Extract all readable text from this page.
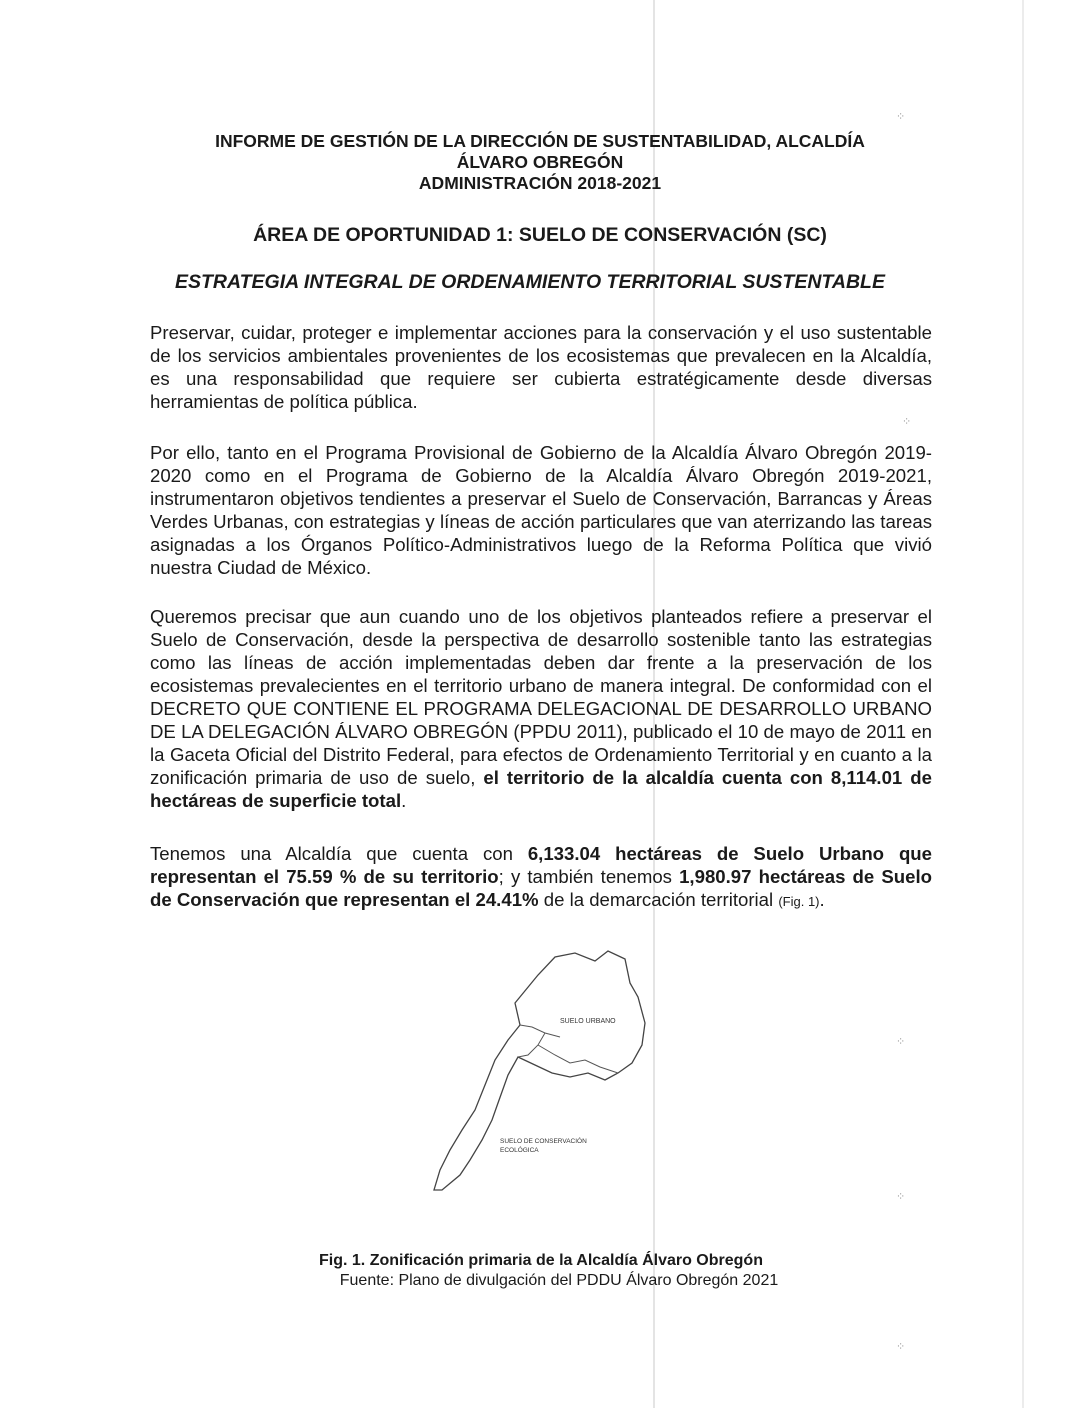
⁘
⁘
⁘
⁘
⁘
INFORME DE GESTIÓN DE LA DIRECCIÓN DE SUSTENTABILIDAD, ALCALDÍA
ÁLVARO OBREGÓN
ADMINISTRACIÓN 2018-2021
ÁREA DE OPORTUNIDAD 1: SUELO DE CONSERVACIÓN (SC)
ESTRATEGIA INTEGRAL DE ORDENAMIENTO TERRITORIAL SUSTENTABLE

Preservar, cuidar, proteger e implementar acciones para la conservación y el uso sustentable de los servicios ambientales provenientes de los ecosistemas que prevalecen en la Alcaldía, es una responsabilidad que requiere ser cubierta estratégicamente desde diversas herramientas de política pública.

Por ello, tanto en el Programa Provisional de Gobierno de la Alcaldía Álvaro Obregón 2019-2020 como en el Programa de Gobierno de la Alcaldía Álvaro Obregón 2019-2021, instrumentaron objetivos tendientes a preservar el Suelo de Conservación, Barrancas y Áreas Verdes Urbanas, con estrategias y líneas de acción particulares que van aterrizando las tareas asignadas a los Órganos Político-Administrativos luego de la Reforma Política que vivió nuestra Ciudad de México.

Queremos precisar que aun cuando uno de los objetivos planteados refiere a preservar el Suelo de Conservación, desde la perspectiva de desarrollo sostenible tanto las estrategias como las líneas de acción implementadas deben dar frente a la preservación de los ecosistemas prevalecientes en el territorio urbano de manera integral. De conformidad con el DECRETO QUE CONTIENE EL PROGRAMA DELEGACIONAL DE DESARROLLO URBANO DE LA DELEGACIÓN ÁLVARO OBREGÓN (PPDU 2011), publicado el 10 de mayo de 2011 en la Gaceta Oficial del Distrito Federal, para efectos de Ordenamiento Territorial y en cuanto a la zonificación primaria de uso de suelo, el territorio de la alcaldía cuenta con 8,114.01 de hectáreas de superficie total.

Tenemos una Alcaldía que cuenta con 6,133.04 hectáreas de Suelo Urbano que representan el 75.59 % de su territorio; y también tenemos 1,980.97 hectáreas de Suelo de Conservación que representan el 24.41% de la demarcación territorial (Fig. 1).

SUELO URBANO
SUELO DE CONSERVACIÓN
ECOLÓGICA
Fig. 1. Zonificación primaria de la Alcaldía Álvaro Obregón
Fuente: Plano de divulgación del PDDU Álvaro Obregón 2021
